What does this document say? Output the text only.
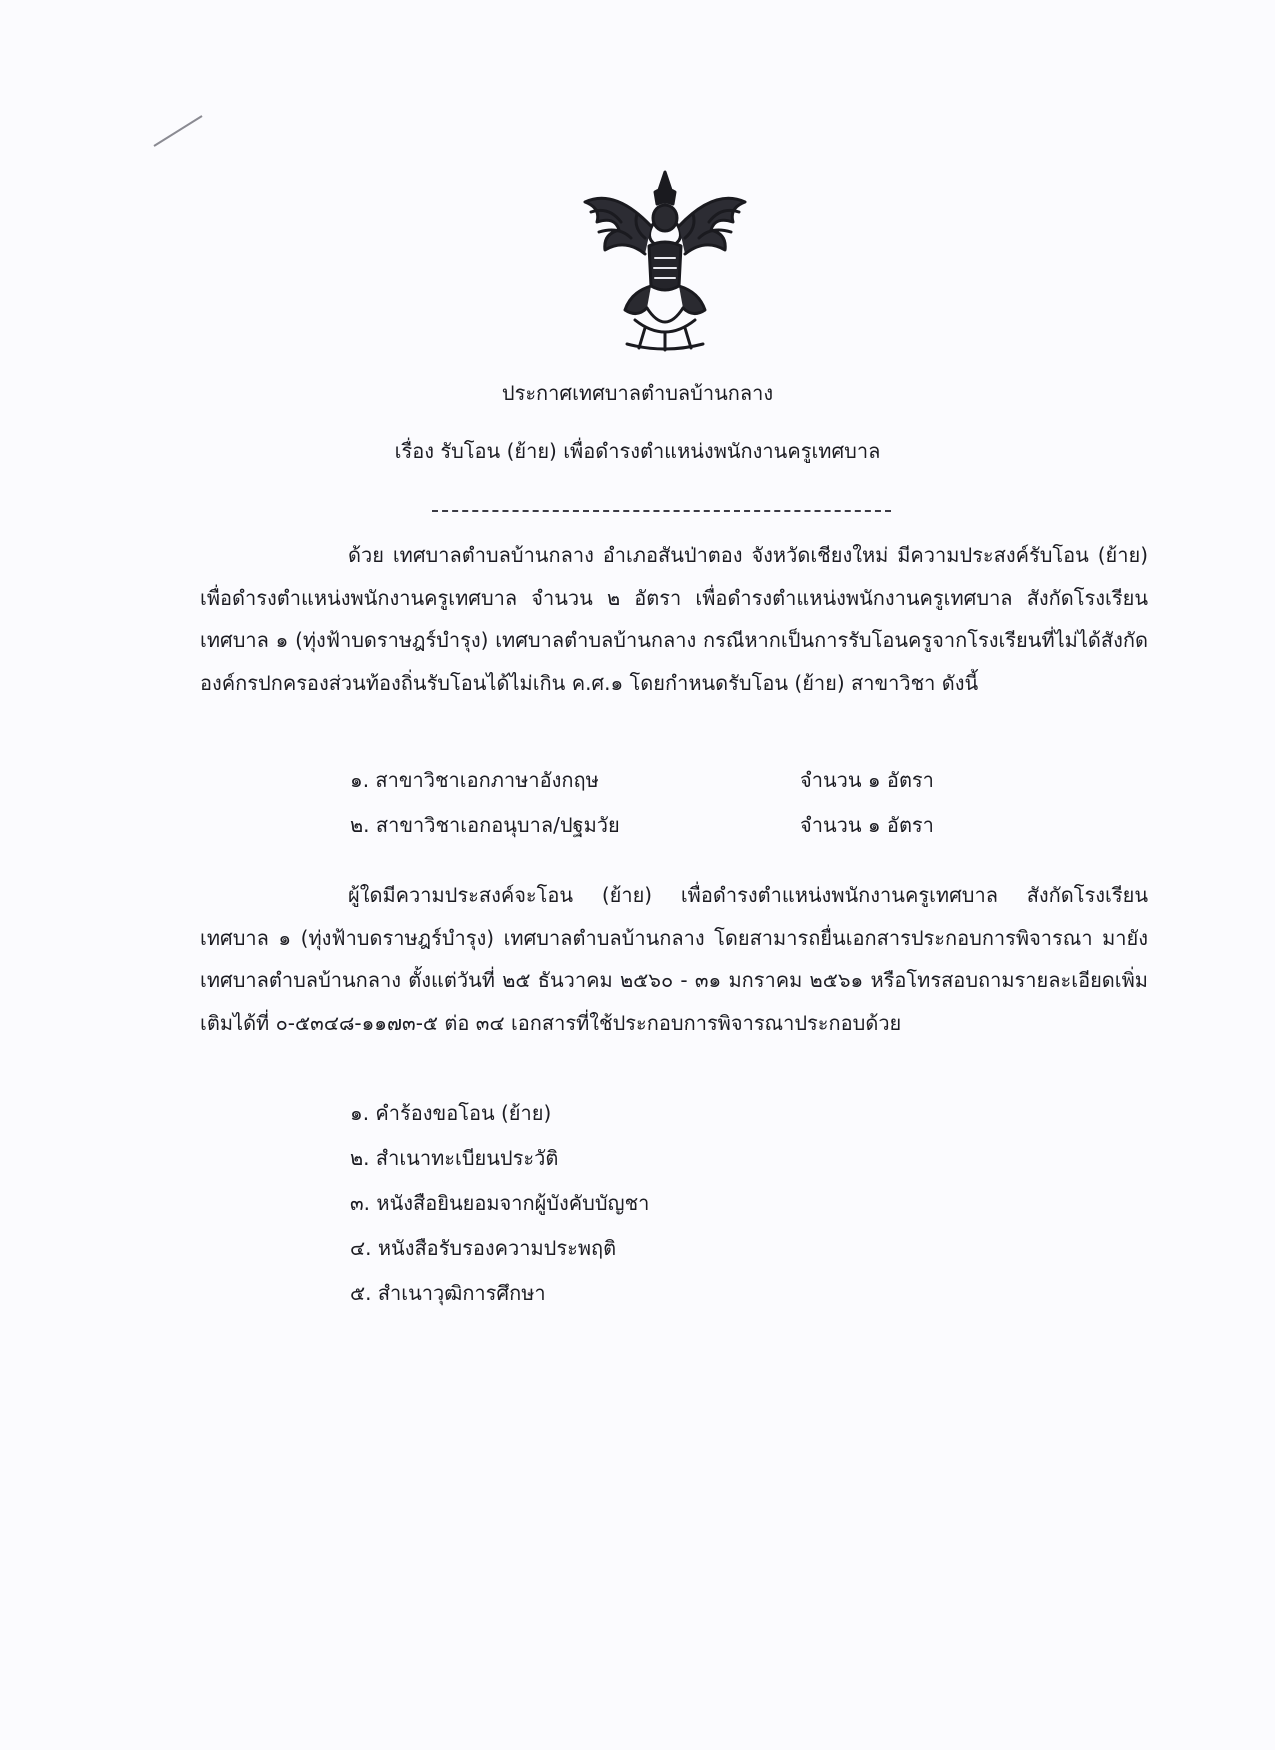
ประกาศเทศบาลตำบลบ้านกลาง
เรื่อง รับโอน (ย้าย) เพื่อดำรงตำแหน่งพนักงานครูเทศบาล

ด้วย เทศบาลตำบลบ้านกลาง อำเภอสันป่าตอง จังหวัดเชียงใหม่ มีความประสงค์รับโอน (ย้าย) เพื่อดำรงตำแหน่งพนักงานครูเทศบาล จำนวน ๒ อัตรา เพื่อดำรงตำแหน่งพนักงานครูเทศบาล สังกัดโรงเรียนเทศบาล ๑ (ทุ่งฟ้าบดราษฎร์บำรุง) เทศบาลตำบลบ้านกลาง กรณีหากเป็นการรับโอนครูจากโรงเรียนที่ไม่ได้สังกัดองค์กรปกครองส่วนท้องถิ่นรับโอนได้ไม่เกิน ค.ศ.๑ โดยกำหนดรับโอน (ย้าย) สาขาวิชา ดังนี้

๑. สาขาวิชาเอกภาษาอังกฤษ	จำนวน ๑ อัตรา
๒. สาขาวิชาเอกอนุบาล/ปฐมวัย	จำนวน ๑ อัตรา

ผู้ใดมีความประสงค์จะโอน (ย้าย) เพื่อดำรงตำแหน่งพนักงานครูเทศบาล สังกัดโรงเรียนเทศบาล ๑ (ทุ่งฟ้าบดราษฎร์บำรุง) เทศบาลตำบลบ้านกลาง โดยสามารถยื่นเอกสารประกอบการพิจารณา มายังเทศบาลตำบลบ้านกลาง ตั้งแต่วันที่ ๒๕ ธันวาคม ๒๕๖๐ - ๓๑ มกราคม ๒๕๖๑ หรือโทรสอบถามรายละเอียดเพิ่มเติมได้ที่ ๐-๕๓๔๘-๑๑๗๓-๕ ต่อ ๓๔ เอกสารที่ใช้ประกอบการพิจารณาประกอบด้วย

๑. คำร้องขอโอน (ย้าย)
๒. สำเนาทะเบียนประวัติ
๓. หนังสือยินยอมจากผู้บังคับบัญชา
๔. หนังสือรับรองความประพฤติ
๕. สำเนาวุฒิการศึกษา
